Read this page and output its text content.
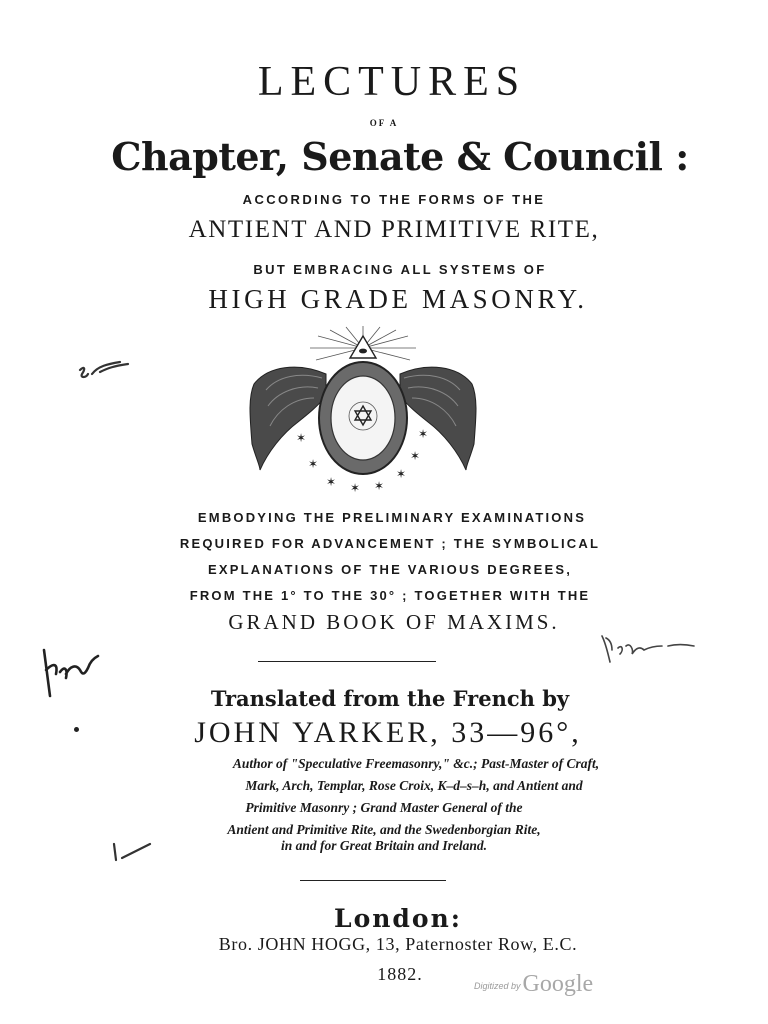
LECTURES
OF A
Chapter, Senate & Council :
ACCORDING TO THE FORMS OF THE
ANTIENT AND PRIMITIVE RITE,
BUT EMBRACING ALL SYSTEMS OF
HIGH GRADE MASONRY.
✶
✶
✶ ✶ ✶
✶
✶
✶
EMBODYING THE PRELIMINARY EXAMINATIONS
REQUIRED FOR ADVANCEMENT ; THE SYMBOLICAL
EXPLANATIONS OF THE VARIOUS DEGREES,
FROM THE 1° TO THE 30° ; TOGETHER WITH THE
GRAND BOOK OF MAXIMS.
Translated from the French by
JOHN YARKER, 33—96°,
Author of "Speculative Freemasonry," &c.; Past-Master of Craft,
Mark, Arch, Templar, Rose Croix, K–d–s–h, and Antient and
Primitive Masonry ; Grand Master General of the
Antient and Primitive Rite, and the Swedenborgian Rite,
in and for Great Britain and Ireland.
London:
Bro. JOHN HOGG, 13, Paternoster Row, E.C.
1882.
Digitized byGoogle
